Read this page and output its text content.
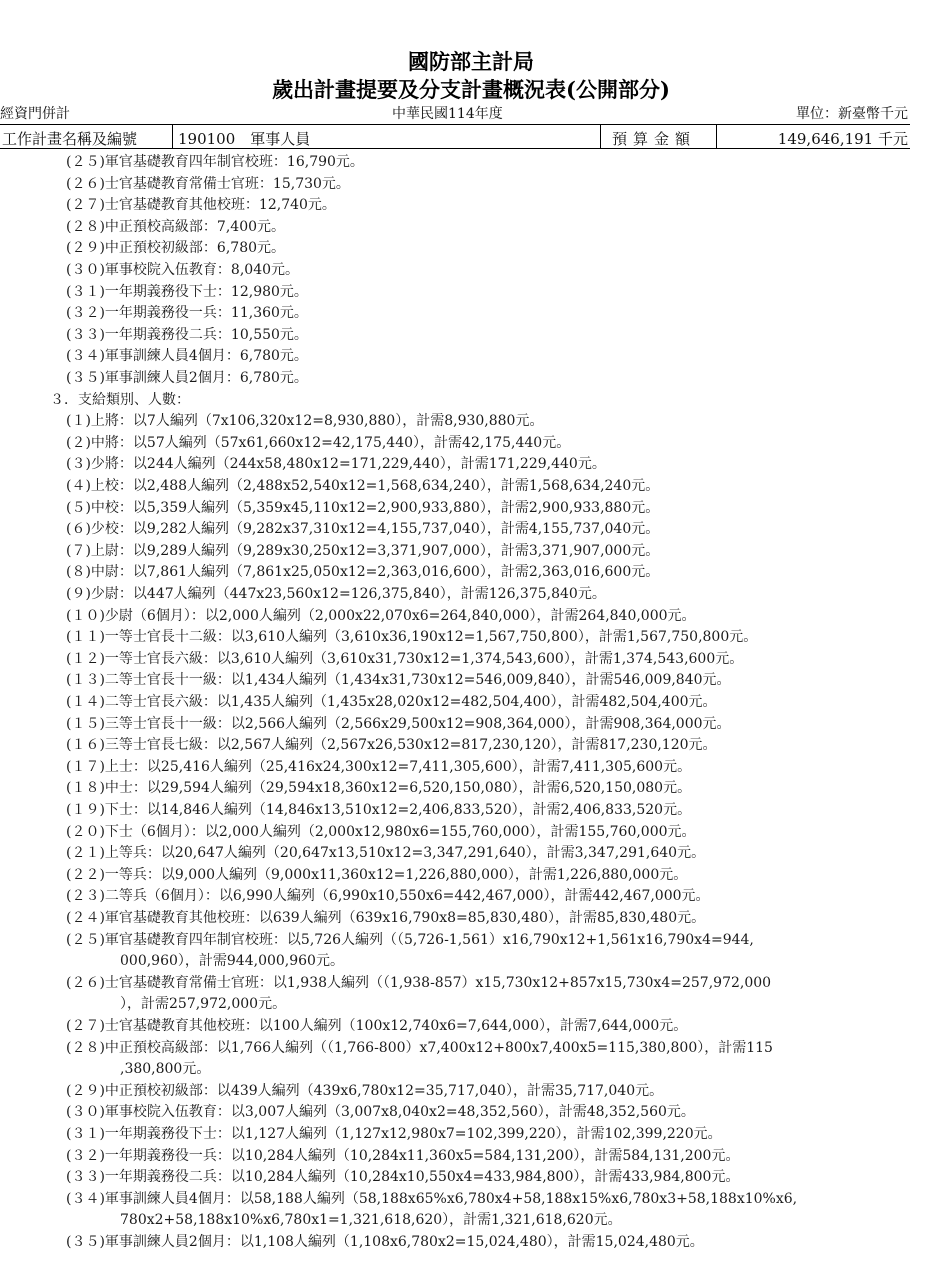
國防部主計局
歲出計畫提要及分支計畫概況表(公開部分)
經資門併計	中華民國114年度	單位：新臺幣千元
工作計畫名稱及編號	190100　軍事人員	預算金額	149,646,191 千元
(２５)軍官基礎教育四年制官校班：16,790元。
(２６)士官基礎教育常備士官班：15,730元。
(２７)士官基礎教育其他校班：12,740元。
(２８)中正預校高級部：7,400元。
(２９)中正預校初級部：6,780元。
(３０)軍事校院入伍教育：8,040元。
(３１)一年期義務役下士：12,980元。
(３２)一年期義務役一兵：11,360元。
(３３)一年期義務役二兵：10,550元。
(３４)軍事訓練人員4個月：6,780元。
(３５)軍事訓練人員2個月：6,780元。
３．支給類別、人數：
(１)上將：以7人編列（7x106,320x12=8,930,880），計需8,930,880元。
(２)中將：以57人編列（57x61,660x12=42,175,440），計需42,175,440元。
(３)少將：以244人編列（244x58,480x12=171,229,440），計需171,229,440元。
(４)上校：以2,488人編列（2,488x52,540x12=1,568,634,240），計需1,568,634,240元。
(５)中校：以5,359人編列（5,359x45,110x12=2,900,933,880），計需2,900,933,880元。
(６)少校：以9,282人編列（9,282x37,310x12=4,155,737,040），計需4,155,737,040元。
(７)上尉：以9,289人編列（9,289x30,250x12=3,371,907,000），計需3,371,907,000元。
(８)中尉：以7,861人編列（7,861x25,050x12=2,363,016,600），計需2,363,016,600元。
(９)少尉：以447人編列（447x23,560x12=126,375,840），計需126,375,840元。
(１０)少尉（6個月）：以2,000人編列（2,000x22,070x6=264,840,000），計需264,840,000元。
(１１)一等士官長十二級：以3,610人編列（3,610x36,190x12=1,567,750,800），計需1,567,750,800元。
(１２)一等士官長六級：以3,610人編列（3,610x31,730x12=1,374,543,600），計需1,374,543,600元。
(１３)二等士官長十一級：以1,434人編列（1,434x31,730x12=546,009,840），計需546,009,840元。
(１４)二等士官長六級：以1,435人編列（1,435x28,020x12=482,504,400），計需482,504,400元。
(１５)三等士官長十一級：以2,566人編列（2,566x29,500x12=908,364,000），計需908,364,000元。
(１６)三等士官長七級：以2,567人編列（2,567x26,530x12=817,230,120），計需817,230,120元。
(１７)上士：以25,416人編列（25,416x24,300x12=7,411,305,600），計需7,411,305,600元。
(１８)中士：以29,594人編列（29,594x18,360x12=6,520,150,080），計需6,520,150,080元。
(１９)下士：以14,846人編列（14,846x13,510x12=2,406,833,520），計需2,406,833,520元。
(２０)下士（6個月）：以2,000人編列（2,000x12,980x6=155,760,000），計需155,760,000元。
(２１)上等兵：以20,647人編列（20,647x13,510x12=3,347,291,640），計需3,347,291,640元。
(２２)一等兵：以9,000人編列（9,000x11,360x12=1,226,880,000），計需1,226,880,000元。
(２３)二等兵（6個月）：以6,990人編列（6,990x10,550x6=442,467,000），計需442,467,000元。
(２４)軍官基礎教育其他校班：以639人編列（639x16,790x8=85,830,480），計需85,830,480元。
(２５)軍官基礎教育四年制官校班：以5,726人編列（（5,726-1,561）x16,790x12+1,561x16,790x4=944,
000,960），計需944,000,960元。
(２６)士官基礎教育常備士官班：以1,938人編列（（1,938-857）x15,730x12+857x15,730x4=257,972,000
），計需257,972,000元。
(２７)士官基礎教育其他校班：以100人編列（100x12,740x6=7,644,000），計需7,644,000元。
(２８)中正預校高級部：以1,766人編列（（1,766-800）x7,400x12+800x7,400x5=115,380,800），計需115
,380,800元。
(２９)中正預校初級部：以439人編列（439x6,780x12=35,717,040），計需35,717,040元。
(３０)軍事校院入伍教育：以3,007人編列（3,007x8,040x2=48,352,560），計需48,352,560元。
(３１)一年期義務役下士：以1,127人編列（1,127x12,980x7=102,399,220），計需102,399,220元。
(３２)一年期義務役一兵：以10,284人編列（10,284x11,360x5=584,131,200），計需584,131,200元。
(３３)一年期義務役二兵：以10,284人編列（10,284x10,550x4=433,984,800），計需433,984,800元。
(３４)軍事訓練人員4個月：以58,188人編列（58,188x65%x6,780x4+58,188x15%x6,780x3+58,188x10%x6,
780x2+58,188x10%x6,780x1=1,321,618,620），計需1,321,618,620元。
(３５)軍事訓練人員2個月：以1,108人編列（1,108x6,780x2=15,024,480），計需15,024,480元。
